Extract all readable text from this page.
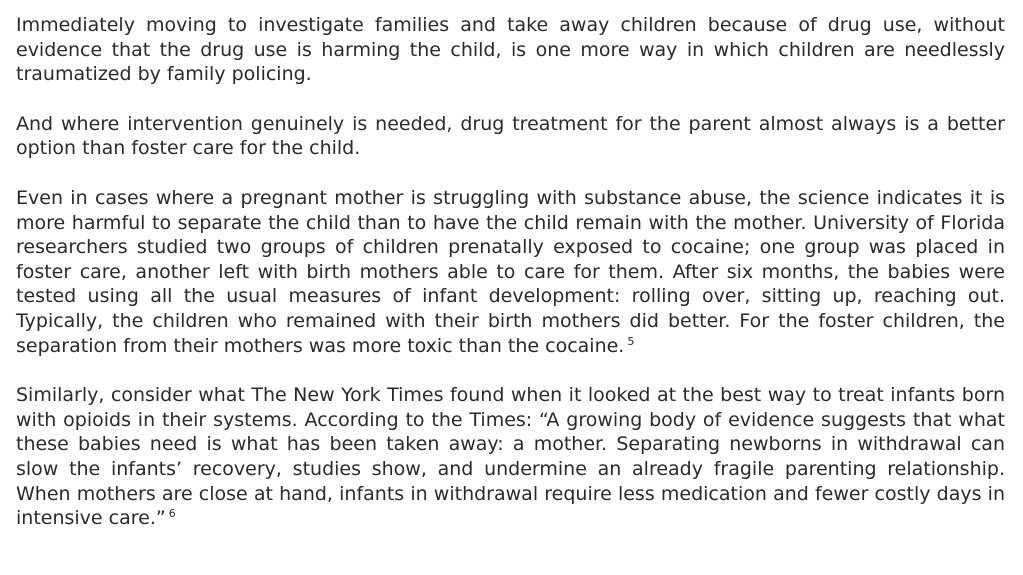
Immediately moving to investigate families and take away children because of drug use, without evidence that the drug use is harming the child, is one more way in which children are needlessly traumatized by family policing.

And where intervention genuinely is needed, drug treatment for the parent almost always is a better option than foster care for the child.

Even in cases where a pregnant mother is struggling with substance abuse, the science indicates it is more harmful to separate the child than to have the child remain with the mother. University of Florida researchers studied two groups of children prenatally exposed to cocaine; one group was placed in foster care, another left with birth mothers able to care for them. After six months, the babies were tested using all the usual measures of infant development: rolling over, sitting up, reaching out. Typically, the children who remained with their birth mothers did better. For the foster children, the separation from their mothers was more toxic than the cocaine. $^5$

Similarly, consider what The New York Times found when it looked at the best way to treat infants born with opioids in their systems. According to the Times: “A growing body of evidence suggests that what these babies need is what has been taken away: a mother. Separating newborns in withdrawal can slow the infants’ recovery, studies show, and undermine an already fragile parenting relationship. When mothers are close at hand, infants in withdrawal require less medication and fewer costly days in intensive care.” $^6$
